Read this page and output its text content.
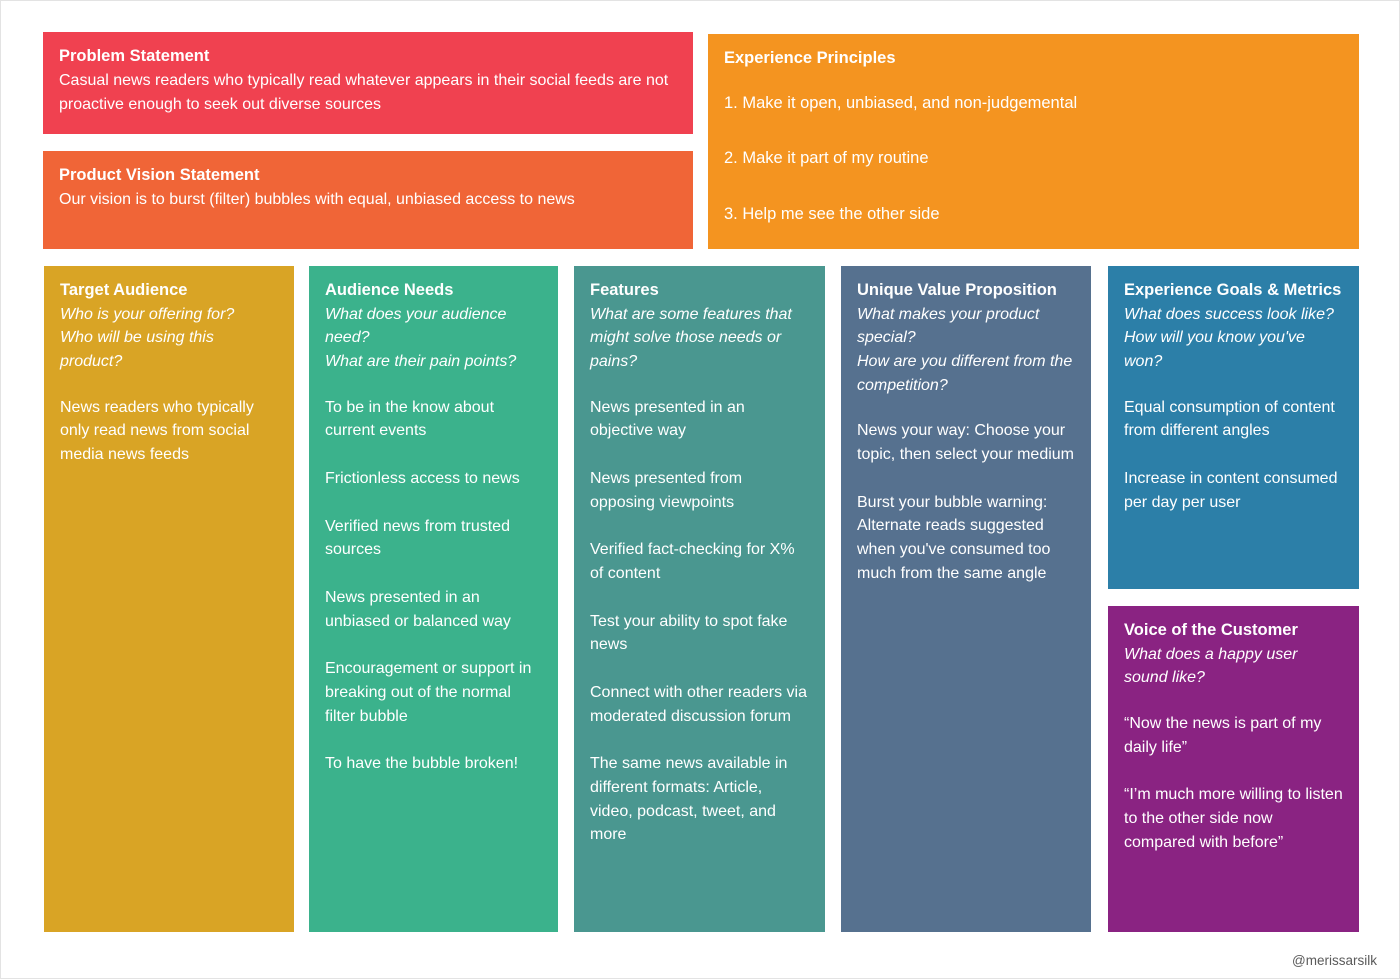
Problem Statement
Casual news readers who typically read whatever appears in their social feeds are not proactive enough to seek out diverse sources
Product Vision Statement
Our vision is to burst (filter) bubbles with equal, unbiased access to news
Experience Principles
1. Make it open, unbiased, and non-judgemental
2. Make it part of my routine
3. Help me see the other side
Target Audience
Who is your offering for?
Who will be using this product?
News readers who typically only read news from social media news feeds
Audience Needs
What does your audience need?
What are their pain points?
To be in the know about current events
Frictionless access to news
Verified news from trusted sources
News presented in an unbiased or balanced way
Encouragement or support in breaking out of the normal filter bubble
To have the bubble broken!
Features
What are some features that might solve those needs or pains?
News presented in an objective way
News presented from opposing viewpoints
Verified fact-checking for X% of content
Test your ability to spot fake news
Connect with other readers via moderated discussion forum
The same news available in different formats: Article, video, podcast, tweet, and more
Unique Value Proposition
What makes your product special?
How are you different from the competition?
News your way: Choose your topic, then select your medium
Burst your bubble warning: Alternate reads suggested when you've consumed too much from the same angle
Experience Goals & Metrics
What does success look like?
How will you know you've won?
Equal consumption of content from different angles
Increase in content consumed per day per user
Voice of the Customer
What does a happy user sound like?
“Now the news is part of my daily life”
“I’m much more willing to listen to the other side now compared with before”
@merissarsilk
